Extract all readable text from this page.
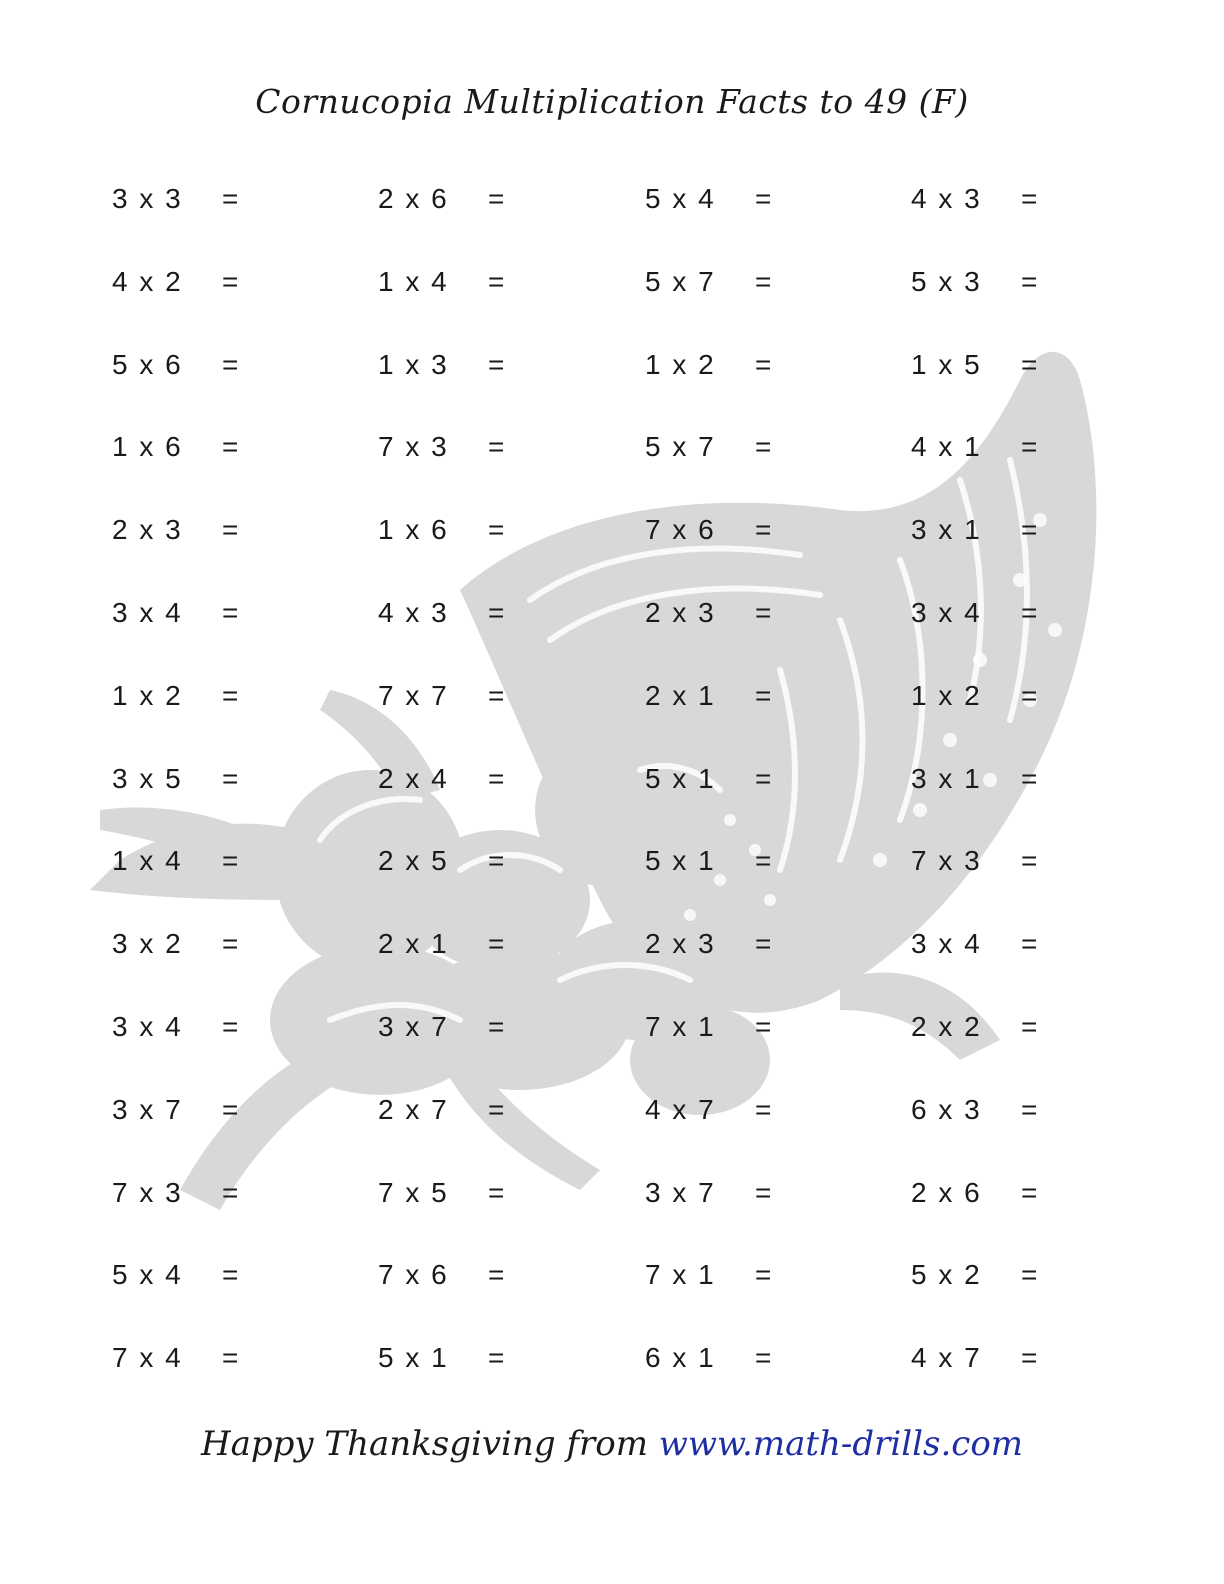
Cornucopia Multiplication Facts to 49 (F)
3 x 3 =
4 x 2 =
5 x 6 =
1 x 6 =
2 x 3 =
3 x 4 =
1 x 2 =
3 x 5 =
1 x 4 =
3 x 2 =
3 x 4 =
3 x 7 =
7 x 3 =
5 x 4 =
7 x 4 =
2 x 6 =
1 x 4 =
1 x 3 =
7 x 3 =
1 x 6 =
4 x 3 =
7 x 7 =
2 x 4 =
2 x 5 =
2 x 1 =
3 x 7 =
2 x 7 =
7 x 5 =
7 x 6 =
5 x 1 =
5 x 4 =
5 x 7 =
1 x 2 =
5 x 7 =
7 x 6 =
2 x 3 =
2 x 1 =
5 x 1 =
5 x 1 =
2 x 3 =
7 x 1 =
4 x 7 =
3 x 7 =
7 x 1 =
6 x 1 =
4 x 3 =
5 x 3 =
1 x 5 =
4 x 1 =
3 x 1 =
3 x 4 =
1 x 2 =
3 x 1 =
7 x 3 =
3 x 4 =
2 x 2 =
6 x 3 =
2 x 6 =
5 x 2 =
4 x 7 =
Happy Thanksgiving from www.math-drills.com
